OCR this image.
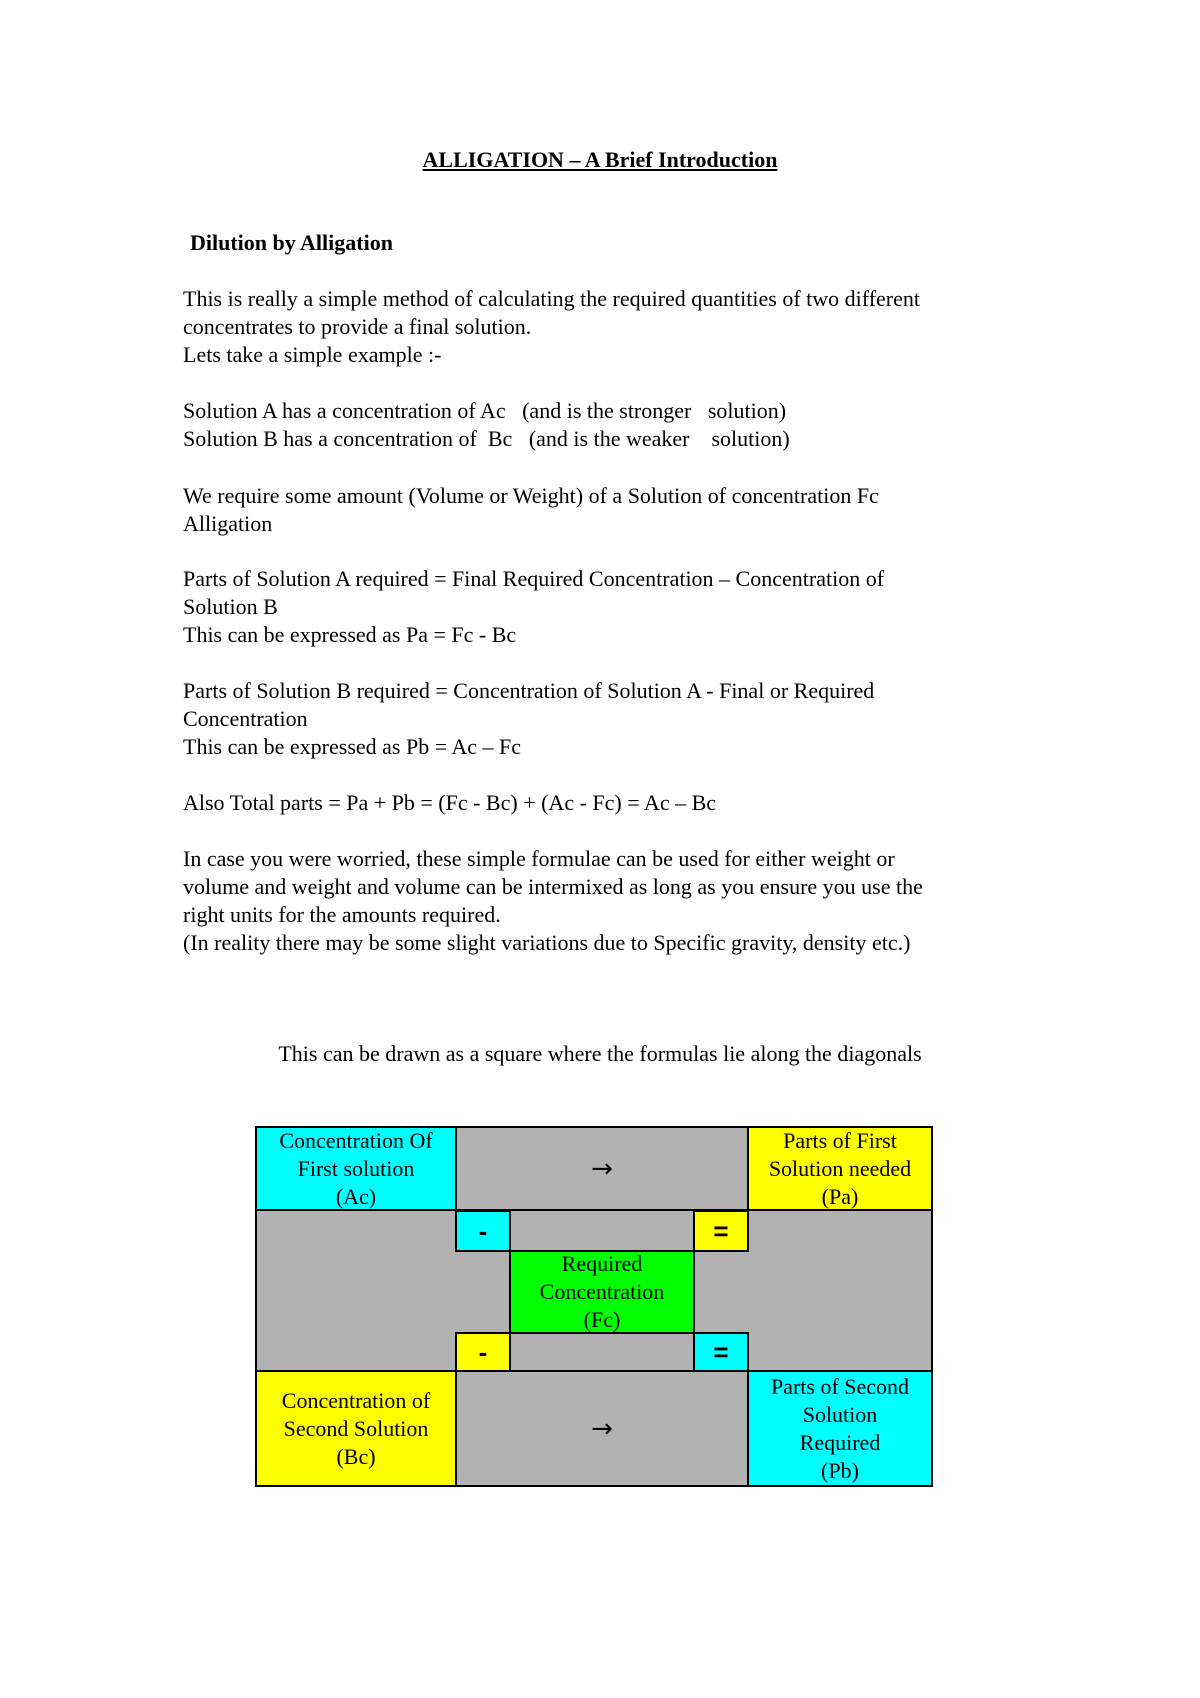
ALLIGATION – A Brief Introduction
Dilution by Alligation
This is really a simple method of calculating the required quantities of two different
concentrates to provide a final solution.
Lets take a simple example :-
Solution A has a concentration of Ac   (and is the stronger   solution)
Solution B has a concentration of  Bc   (and is the weaker    solution)
We require some amount (Volume or Weight) of a Solution of concentration Fc
Alligation
Parts of Solution A required = Final Required Concentration – Concentration of
Solution B
This can be expressed as Pa = Fc - Bc
Parts of Solution B required = Concentration of Solution A - Final or Required
Concentration
This can be expressed as Pb = Ac – Fc
Also Total parts = Pa + Pb = (Fc - Bc) + (Ac - Fc) = Ac – Bc
In case you were worried, these simple formulae can be used for either weight or
volume and weight and volume can be intermixed as long as you ensure you use the
right units for the amounts required.
(In reality there may be some slight variations due to Specific gravity, density etc.)
This can be drawn as a square where the formulas lie along the diagonals
Concentration Of
First solution
(Ac)
→
Parts of First
Solution needed
(Pa)
-	=
Required
Concentration
(Fc)
-	=
Concentration of
Second Solution
(Bc)
→
Parts of Second
Solution
Required
(Pb)
